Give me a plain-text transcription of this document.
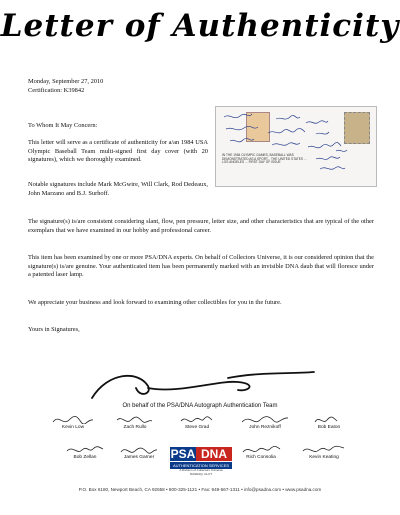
Letter of Authenticity
Monday, September 27, 2010
Certification: K39842
To Whom It May Concern:
This letter will serve as a certificate of authenticity for a/an 1984 USA Olympic Baseball Team multi-signed first day cover (with 20 signatures), which we thoroughly examined.
Notable signatures include Mark McGwire, Will Clark, Rod Dedeaux, John Marzano and B.J. Surhoff.
The signature(s) is/are consistent considering slant, flow, pen pressure, letter size, and other characteristics that are typical of the other exemplars that we have examined in our hobby and professional career.
This item has been examined by one or more PSA/DNA experts. On behalf of Collectors Universe, it is our considered opinion that the signature(s) is/are genuine. Your authenticated item has been permanently marked with an invisible DNA daub that will floresce under a patented laser lamp.
We appreciate your business and look forward to examining other collectibles for you in the future.
Yours in Signatures,
IN THE 1984 OLYMPIC GAMES, BASEBALL WAS DEMONSTRATED AS A SPORT... THE UNITED STATES ... LOS ANGELES ... FIRST DAY OF ISSUE
On behalf of the PSA/DNA Autograph Authentication Team
Kevin Low	Zach Rullo	Steve Grad	John Reznikoff	Bob Eaton
Bob Zellan	James Garner	Rich Consolia	Kevin Keating
PSA DNA
AUTHENTICATION SERVICES
A Division of Collectors Universe
NASDAQ: CLCT
P.O. Box 6180, Newport Beach, CA 92658 • 800-325-1121 • Fax: 949-567-1311 • info@psadna.com • www.psadna.com
